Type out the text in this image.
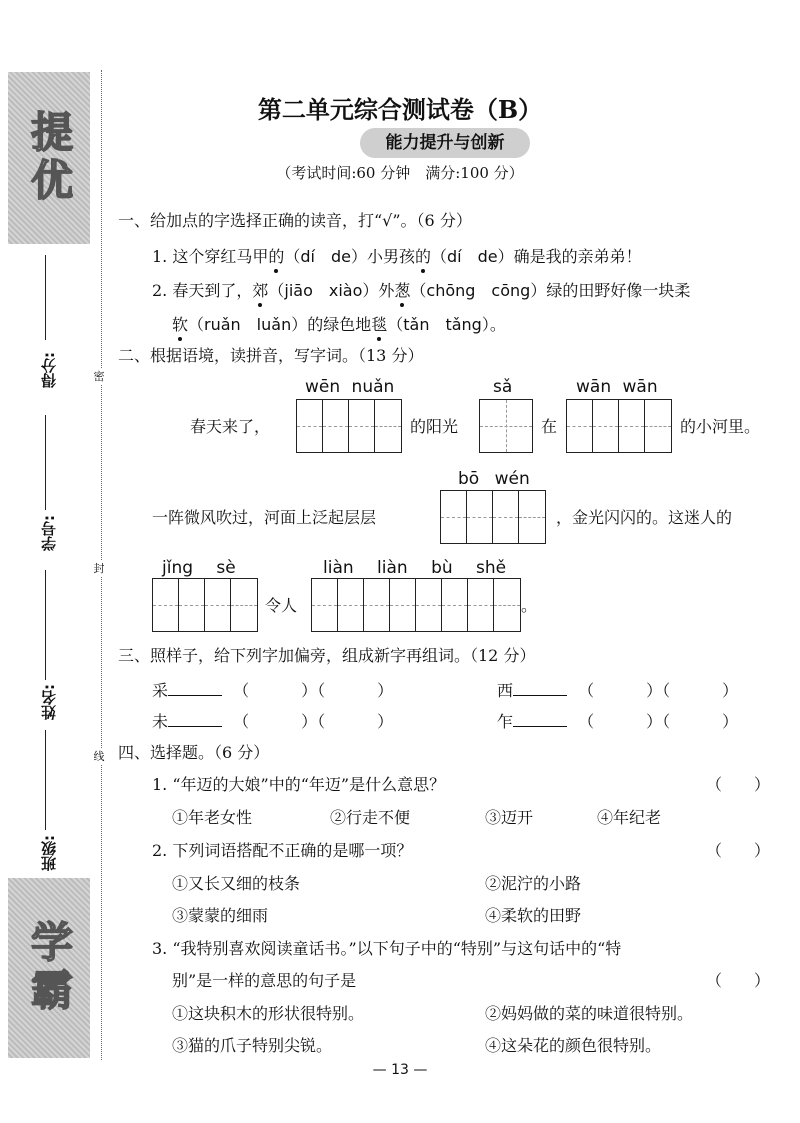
提优
学霸
得分:
学号:
姓名:
班级:
密
封
线
第二单元综合测试卷（B）
能力提升与创新
（考试时间:60 分钟　满分:100 分）
一、给加点的字选择正确的读音，打“√”。（6 分）
1. 这个穿红马甲的（dí　de）小男孩的（dí　de）确是我的亲弟弟！
2. 春天到了，郊（jiāo　xiào）外葱（chōng　cōng）绿的田野好像一块柔
软（ruǎn　luǎn）的绿色地毯（tǎn　tǎng）。
二、根据语境，读拼音，写字词。（13 分）
wēn nuǎn	sǎ	wān wān
春天来了，	的阳光	在	的小河里。
bō wén
一阵微风吹过，河面上泛起层层	，金光闪闪的。这迷人的
jǐng sè	liàn liàn bù shě
令人	。
三、照样子，给下列字加偏旁，组成新字再组词。（12 分）
采	（	）（	）	西	（	）（	）
未	（	）（	）	乍	（	）（	）
四、选择题。（6 分）
1. “年迈的大娘”中的“年迈”是什么意思？	（　　）
①年老女性	②行走不便	③迈开	④年纪老
2. 下列词语搭配不正确的是哪一项？	（　　）
①又长又细的枝条	②泥泞的小路
③蒙蒙的细雨	④柔软的田野
3. “我特别喜欢阅读童话书。”以下句子中的“特别”与这句话中的“特
别”是一样的意思的句子是	（　　）
①这块积木的形状很特别。	②妈妈做的菜的味道很特别。
③猫的爪子特别尖锐。	④这朵花的颜色很特别。
— 13 —
